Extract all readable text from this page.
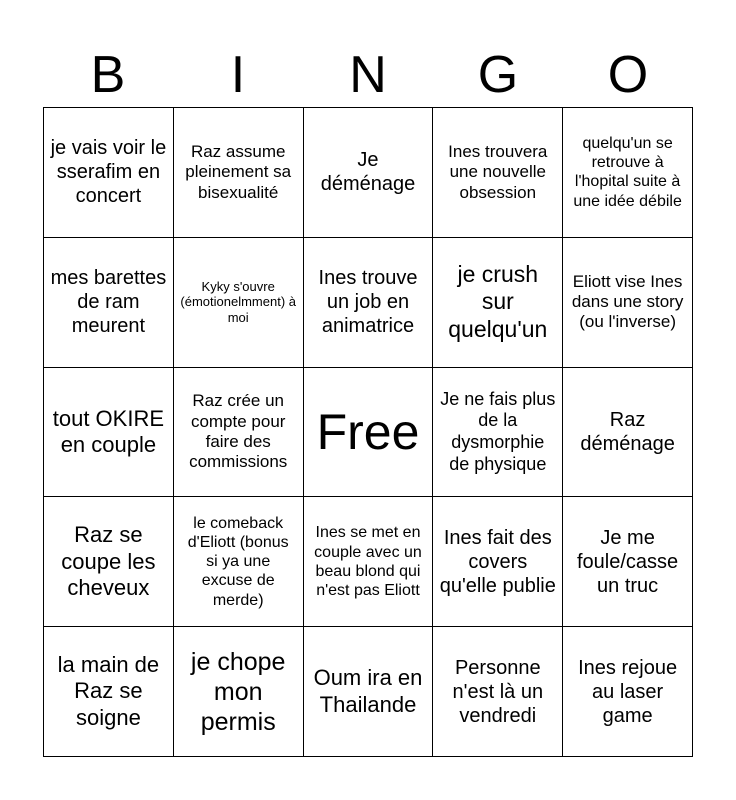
B	I	N	G	O
je vais voir le sserafim en concert
Raz assume pleinement sa bisexualité
Je déménage
Ines trouvera une nouvelle obsession
quelqu'un se retrouve à l'hopital suite à une idée débile
mes barettes de ram meurent
Kyky s'ouvre (émotionelmment) à moi
Ines trouve un job en animatrice
je crush sur quelqu'un
Eliott vise Ines dans une story (ou l'inverse)
tout OKIRE en couple
Raz crée un compte pour faire des commissions
Free
Je ne fais plus de la dysmorphie de physique
Raz déménage
Raz se coupe les cheveux
le comeback d'Eliott (bonus si ya une excuse de merde)
Ines se met en couple avec un beau blond qui n'est pas Eliott
Ines fait des covers qu'elle publie
Je me foule/casse un truc
la main de Raz se soigne
je chope mon permis
Oum ira en Thailande
Personne n'est là un vendredi
Ines rejoue au laser game
